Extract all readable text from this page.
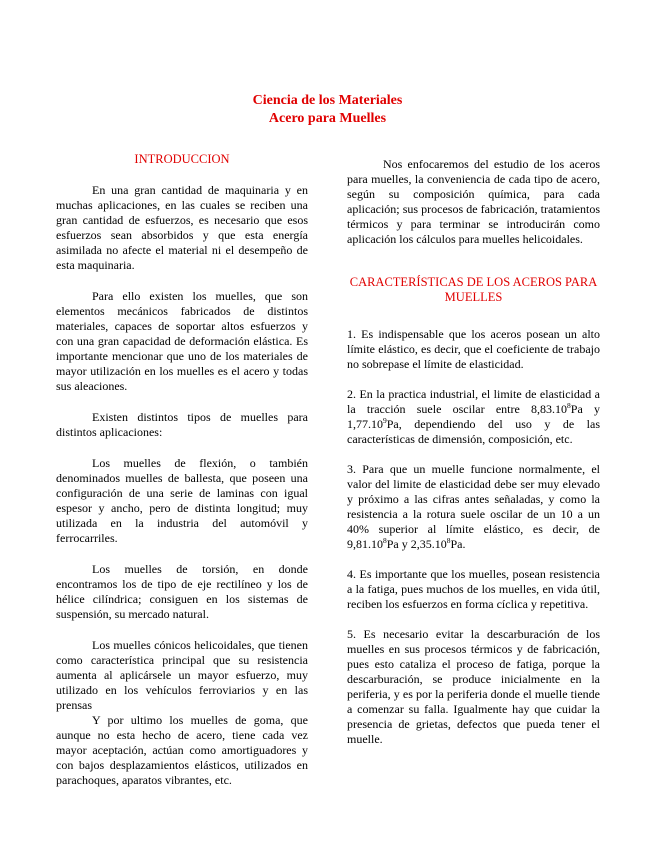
Ciencia de los Materiales
Acero para Muelles

INTRODUCCION

En una gran cantidad de maquinaria y en muchas aplicaciones, en las cuales se reciben una gran cantidad de esfuerzos, es necesario que esos esfuerzos sean absorbidos y que esta energía asimilada no afecte el material ni el desempeño de esta maquinaria.

Para ello existen los muelles, que son elementos mecánicos fabricados de distintos materiales, capaces de soportar altos esfuerzos y con una gran capacidad de deformación elástica. Es importante mencionar que uno de los materiales de mayor utilización en los muelles es el acero y todas sus aleaciones.

Existen distintos tipos de muelles para distintos aplicaciones:

Los muelles de flexión, o también denominados muelles de ballesta, que poseen una configuración de una serie de laminas con igual espesor y ancho, pero de distinta longitud; muy utilizada en la industria del automóvil y ferrocarriles.

Los muelles de torsión, en donde encontramos los de tipo de eje rectilíneo y los de hélice cilíndrica; consiguen en los sistemas de suspensión, su mercado natural.

Los muelles cónicos helicoidales, que tienen como característica principal que su resistencia aumenta al aplicársele un mayor esfuerzo, muy utilizado en los vehículos ferroviarios y en las prensas

Y por ultimo los muelles de goma, que aunque no esta hecho de acero, tiene cada vez mayor aceptación, actúan como amortiguadores y con bajos desplazamientos elásticos, utilizados en parachoques, aparatos vibrantes, etc.

Nos enfocaremos del estudio de los aceros para muelles, la conveniencia de cada tipo de acero, según su composición química, para cada aplicación; sus procesos de fabricación, tratamientos térmicos y para terminar se introducirán como aplicación los cálculos para muelles helicoidales.

CARACTERÍSTICAS DE LOS ACEROS PARA MUELLES

1. Es indispensable que los aceros posean un alto límite elástico, es decir, que el coeficiente de trabajo no sobrepase el límite de elasticidad.

2. En la practica industrial, el limite de elasticidad a la tracción suele oscilar entre 8,83.10$^8$Pa y 1,77.10$^9$Pa, dependiendo del uso y de las características de dimensión, composición, etc.

3. Para que un muelle funcione normalmente, el valor del limite de elasticidad debe ser muy elevado y próximo a las cifras antes señaladas, y como la resistencia a la rotura suele oscilar de un 10 a un 40% superior al límite elástico, es decir, de 9,81.10$^8$Pa y 2,35.10$^8$Pa.

4. Es importante que los muelles, posean resistencia a la fatiga, pues muchos de los muelles, en vida útil, reciben los esfuerzos en forma cíclica y repetitiva.

5. Es necesario evitar la descarburación de los muelles en sus procesos térmicos y de fabricación, pues esto cataliza el proceso de fatiga, porque la descarburación, se produce inicialmente en la periferia, y es por la periferia donde el muelle tiende a comenzar su falla. Igualmente hay que cuidar la presencia de grietas, defectos que pueda tener el muelle.
